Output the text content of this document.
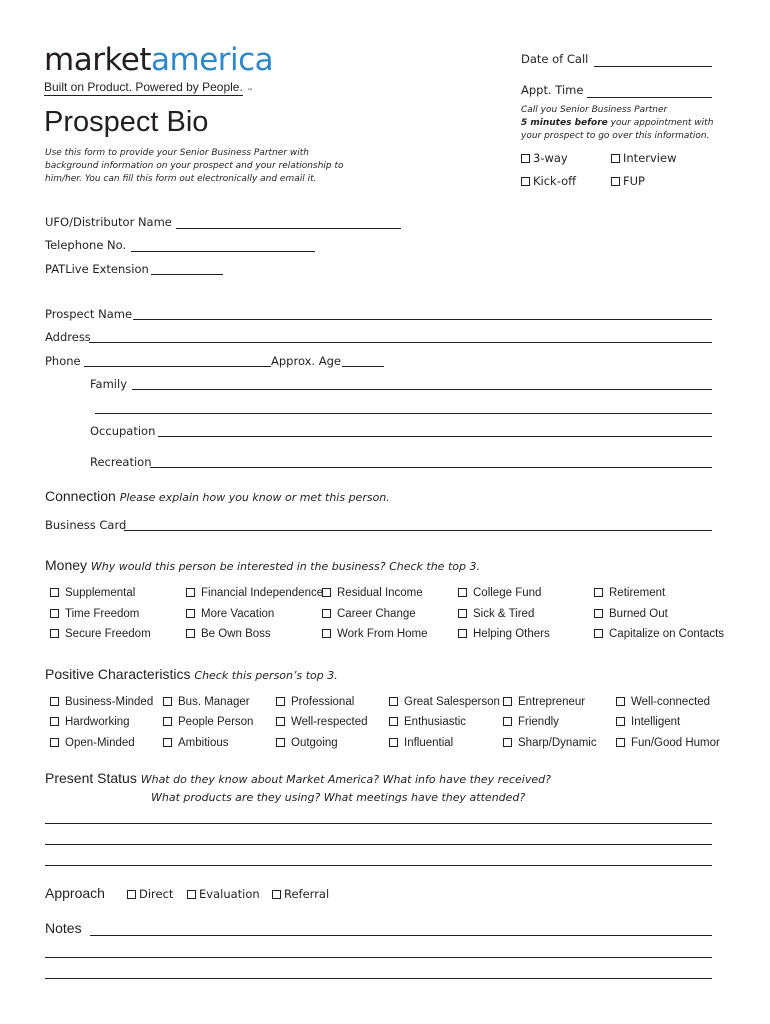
marketamerica
Built on Product. Powered by People. ™
Prospect Bio
Use this form to provide your Senior Business Partner with background information on your prospect and your relationship to him/her. You can fill this form out electronically and email it.
Date of Call
Appt. Time
Call you Senior Business Partner
5 minutes before your appointment with
your prospect to go over this information.
3-way	Interview
Kick-off	FUP
UFO/Distributor Name
Telephone No.
PATLive Extension
Prospect Name
Address
Phone	Approx. Age
Family
Occupation
Recreation
Connection Please explain how you know or met this person.
Business Card
Money Why would this person be interested in the business? Check the top 3.
Supplemental	Financial Independence	Residual Income	College Fund	Retirement
Time Freedom	More Vacation	Career Change	Sick & Tired	Burned Out
Secure Freedom	Be Own Boss	Work From Home	Helping Others	Capitalize on Contacts
Positive Characteristics Check this person’s top 3.
Business-Minded	Bus. Manager	Professional	Great Salesperson	Entrepreneur	Well-connected
Hardworking	People Person	Well-respected	Enthusiastic	Friendly	Intelligent
Open-Minded	Ambitious	Outgoing	Influential	Sharp/Dynamic	Fun/Good Humor
Present Status What do they know about Market America? What info have they received?
What products are they using? What meetings have they attended?
Approach	Direct	Evaluation	Referral
Notes
